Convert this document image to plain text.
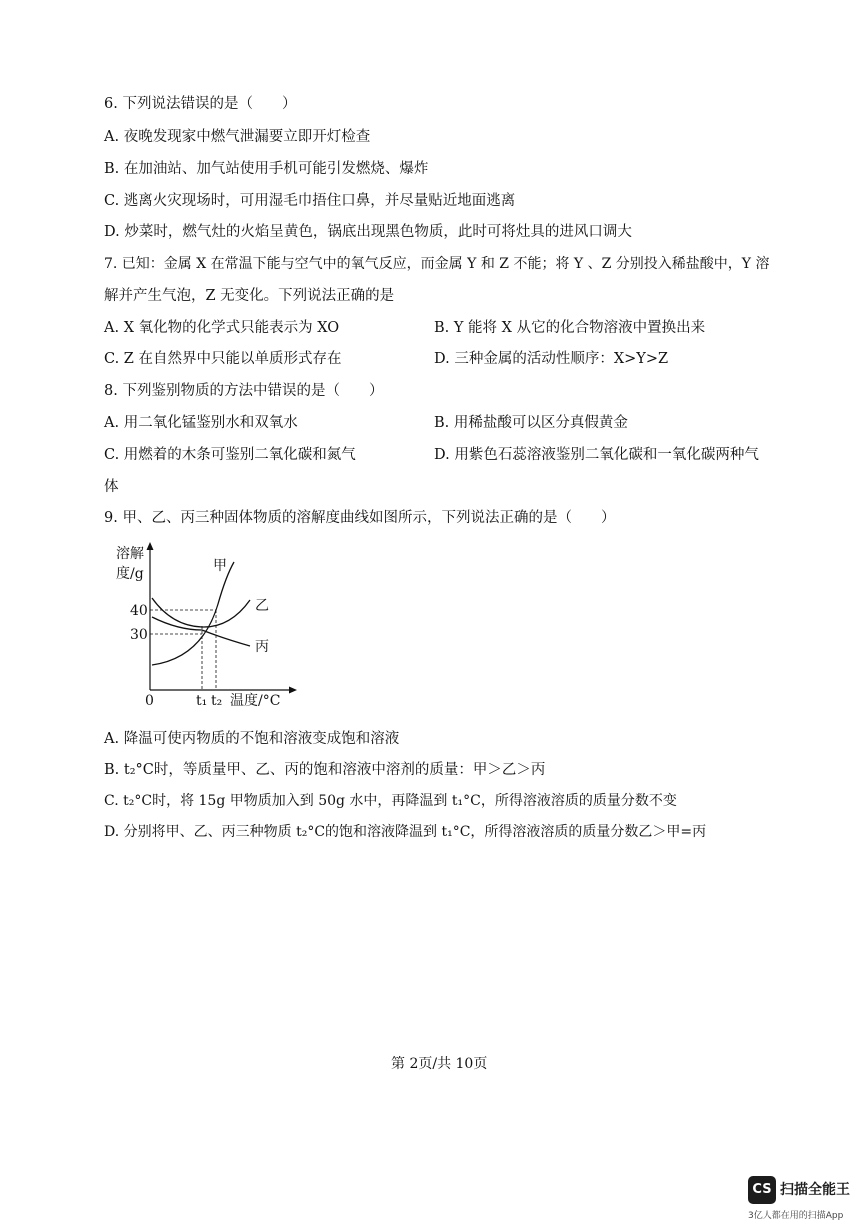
6. 下列说法错误的是（　　）
A. 夜晚发现家中燃气泄漏要立即开灯检查
B. 在加油站、加气站使用手机可能引发燃烧、爆炸
C. 逃离火灾现场时，可用湿毛巾捂住口鼻，并尽量贴近地面逃离
D. 炒菜时，燃气灶的火焰呈黄色，锅底出现黑色物质，此时可将灶具的进风口调大
7. 已知：金属 X 在常温下能与空气中的氧气反应，而金属 Y 和 Z 不能；将 Y 、Z 分别投入稀盐酸中，Y 溶
解并产生气泡，Z 无变化。下列说法正确的是
A. X 氧化物的化学式只能表示为 XO	B. Y 能将 X 从它的化合物溶液中置换出来
C. Z 在自然界中只能以单质形式存在	D. 三种金属的活动性顺序：X>Y>Z
8. 下列鉴别物质的方法中错误的是（　　）
A. 用二氧化锰鉴别水和双氧水	B. 用稀盐酸可以区分真假黄金
C. 用燃着的木条可鉴别二氧化碳和氮气	D. 用紫色石蕊溶液鉴别二氧化碳和一氧化碳两种气
体
9. 甲、乙、丙三种固体物质的溶解度曲线如图所示，下列说法正确的是（　　）
溶解
度/g
40
30
0	t₁ t₂ 温度/°C
甲
乙
丙
A. 降温可使丙物质的不饱和溶液变成饱和溶液
B. t₂°C时，等质量甲、乙、丙的饱和溶液中溶剂的质量：甲＞乙＞丙
C. t₂°C时，将 15g 甲物质加入到 50g 水中，再降温到 t₁°C，所得溶液溶质的质量分数不变
D. 分别将甲、乙、丙三种物质 t₂°C的饱和溶液降温到 t₁°C，所得溶液溶质的质量分数乙＞甲=丙
第 2页/共 10页
CS 扫描全能王
3亿人都在用的扫描App
